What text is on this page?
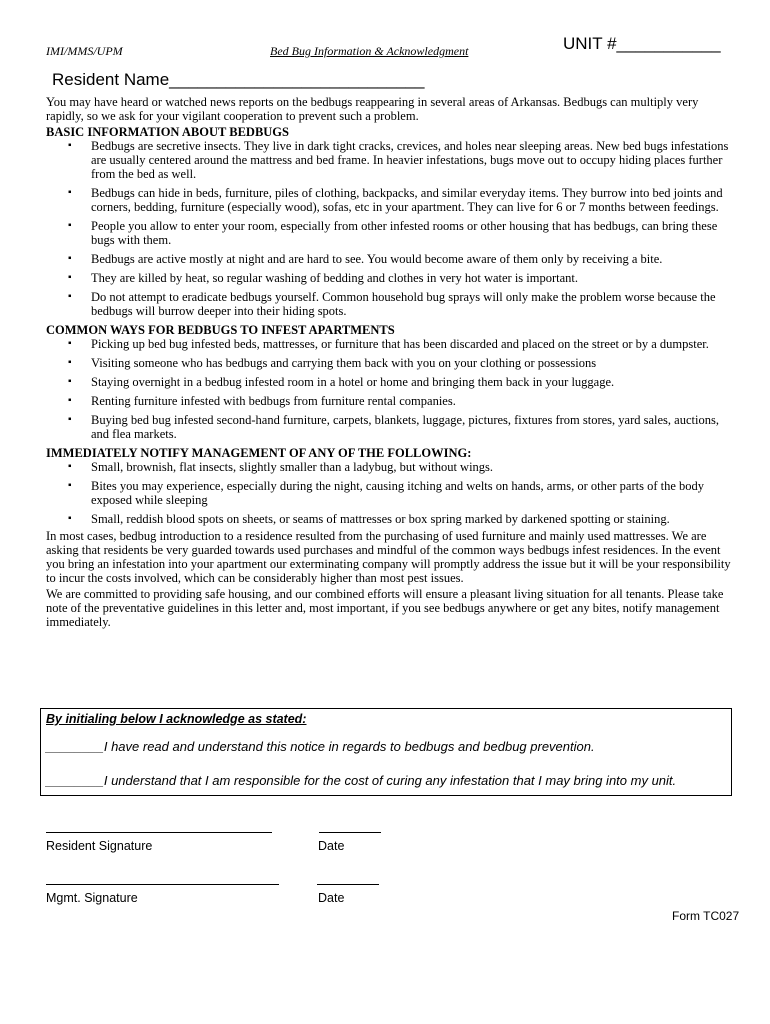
IMI/MMS/UPM	Bed Bug Information & Acknowledgment	UNIT #___________
Resident Name___________________________

You may have heard or watched news reports on the bedbugs reappearing in several areas of Arkansas. Bedbugs can multiply very rapidly, so we ask for your vigilant cooperation to prevent such a problem.

BASIC INFORMATION ABOUT BEDBUGS
▪ Bedbugs are secretive insects. They live in dark tight cracks, crevices, and holes near sleeping areas. New bed bugs infestations are usually centered around the mattress and bed frame. In heavier infestations, bugs move out to occupy hiding places further from the bed as well.
▪ Bedbugs can hide in beds, furniture, piles of clothing, backpacks, and similar everyday items. They burrow into bed joints and corners, bedding, furniture (especially wood), sofas, etc in your apartment. They can live for 6 or 7 months between feedings.
▪ People you allow to enter your room, especially from other infested rooms or other housing that has bedbugs, can bring these bugs with them.
▪ Bedbugs are active mostly at night and are hard to see. You would become aware of them only by receiving a bite.
▪ They are killed by heat, so regular washing of bedding and clothes in very hot water is important.
▪ Do not attempt to eradicate bedbugs yourself. Common household bug sprays will only make the problem worse because the bedbugs will burrow deeper into their hiding spots.
COMMON WAYS FOR BEDBUGS TO INFEST APARTMENTS
▪ Picking up bed bug infested beds, mattresses, or furniture that has been discarded and placed on the street or by a dumpster.
▪ Visiting someone who has bedbugs and carrying them back with you on your clothing or possessions
▪ Staying overnight in a bedbug infested room in a hotel or home and bringing them back in your luggage.
▪ Renting furniture infested with bedbugs from furniture rental companies.
▪ Buying bed bug infested second-hand furniture, carpets, blankets, luggage, pictures, fixtures from stores, yard sales, auctions, and flea markets.
IMMEDIATELY NOTIFY MANAGEMENT OF ANY OF THE FOLLOWING:
▪ Small, brownish, flat insects, slightly smaller than a ladybug, but without wings.
▪ Bites you may experience, especially during the night, causing itching and welts on hands, arms, or other parts of the body exposed while sleeping
▪ Small, reddish blood spots on sheets, or seams of mattresses or box spring marked by darkened spotting or staining.

In most cases, bedbug introduction to a residence resulted from the purchasing of used furniture and mainly used mattresses. We are asking that residents be very guarded towards used purchases and mindful of the common ways bedbugs infest residences. In the event you bring an infestation into your apartment our exterminating company will promptly address the issue but it will be your responsibility to incur the costs involved, which can be considerably higher than most pest issues.

We are committed to providing safe housing, and our combined efforts will ensure a pleasant living situation for all tenants. Please take note of the preventative guidelines in this letter and, most important, if you see bedbugs anywhere or get any bites, notify management immediately.

By initialing below I acknowledge as stated:
________I have read and understand this notice in regards to bedbugs and bedbug prevention.
________I understand that I am responsible for the cost of curing any infestation that I may bring into my unit.
Resident Signature	Date
Mgmt. Signature	Date
Form TC027
